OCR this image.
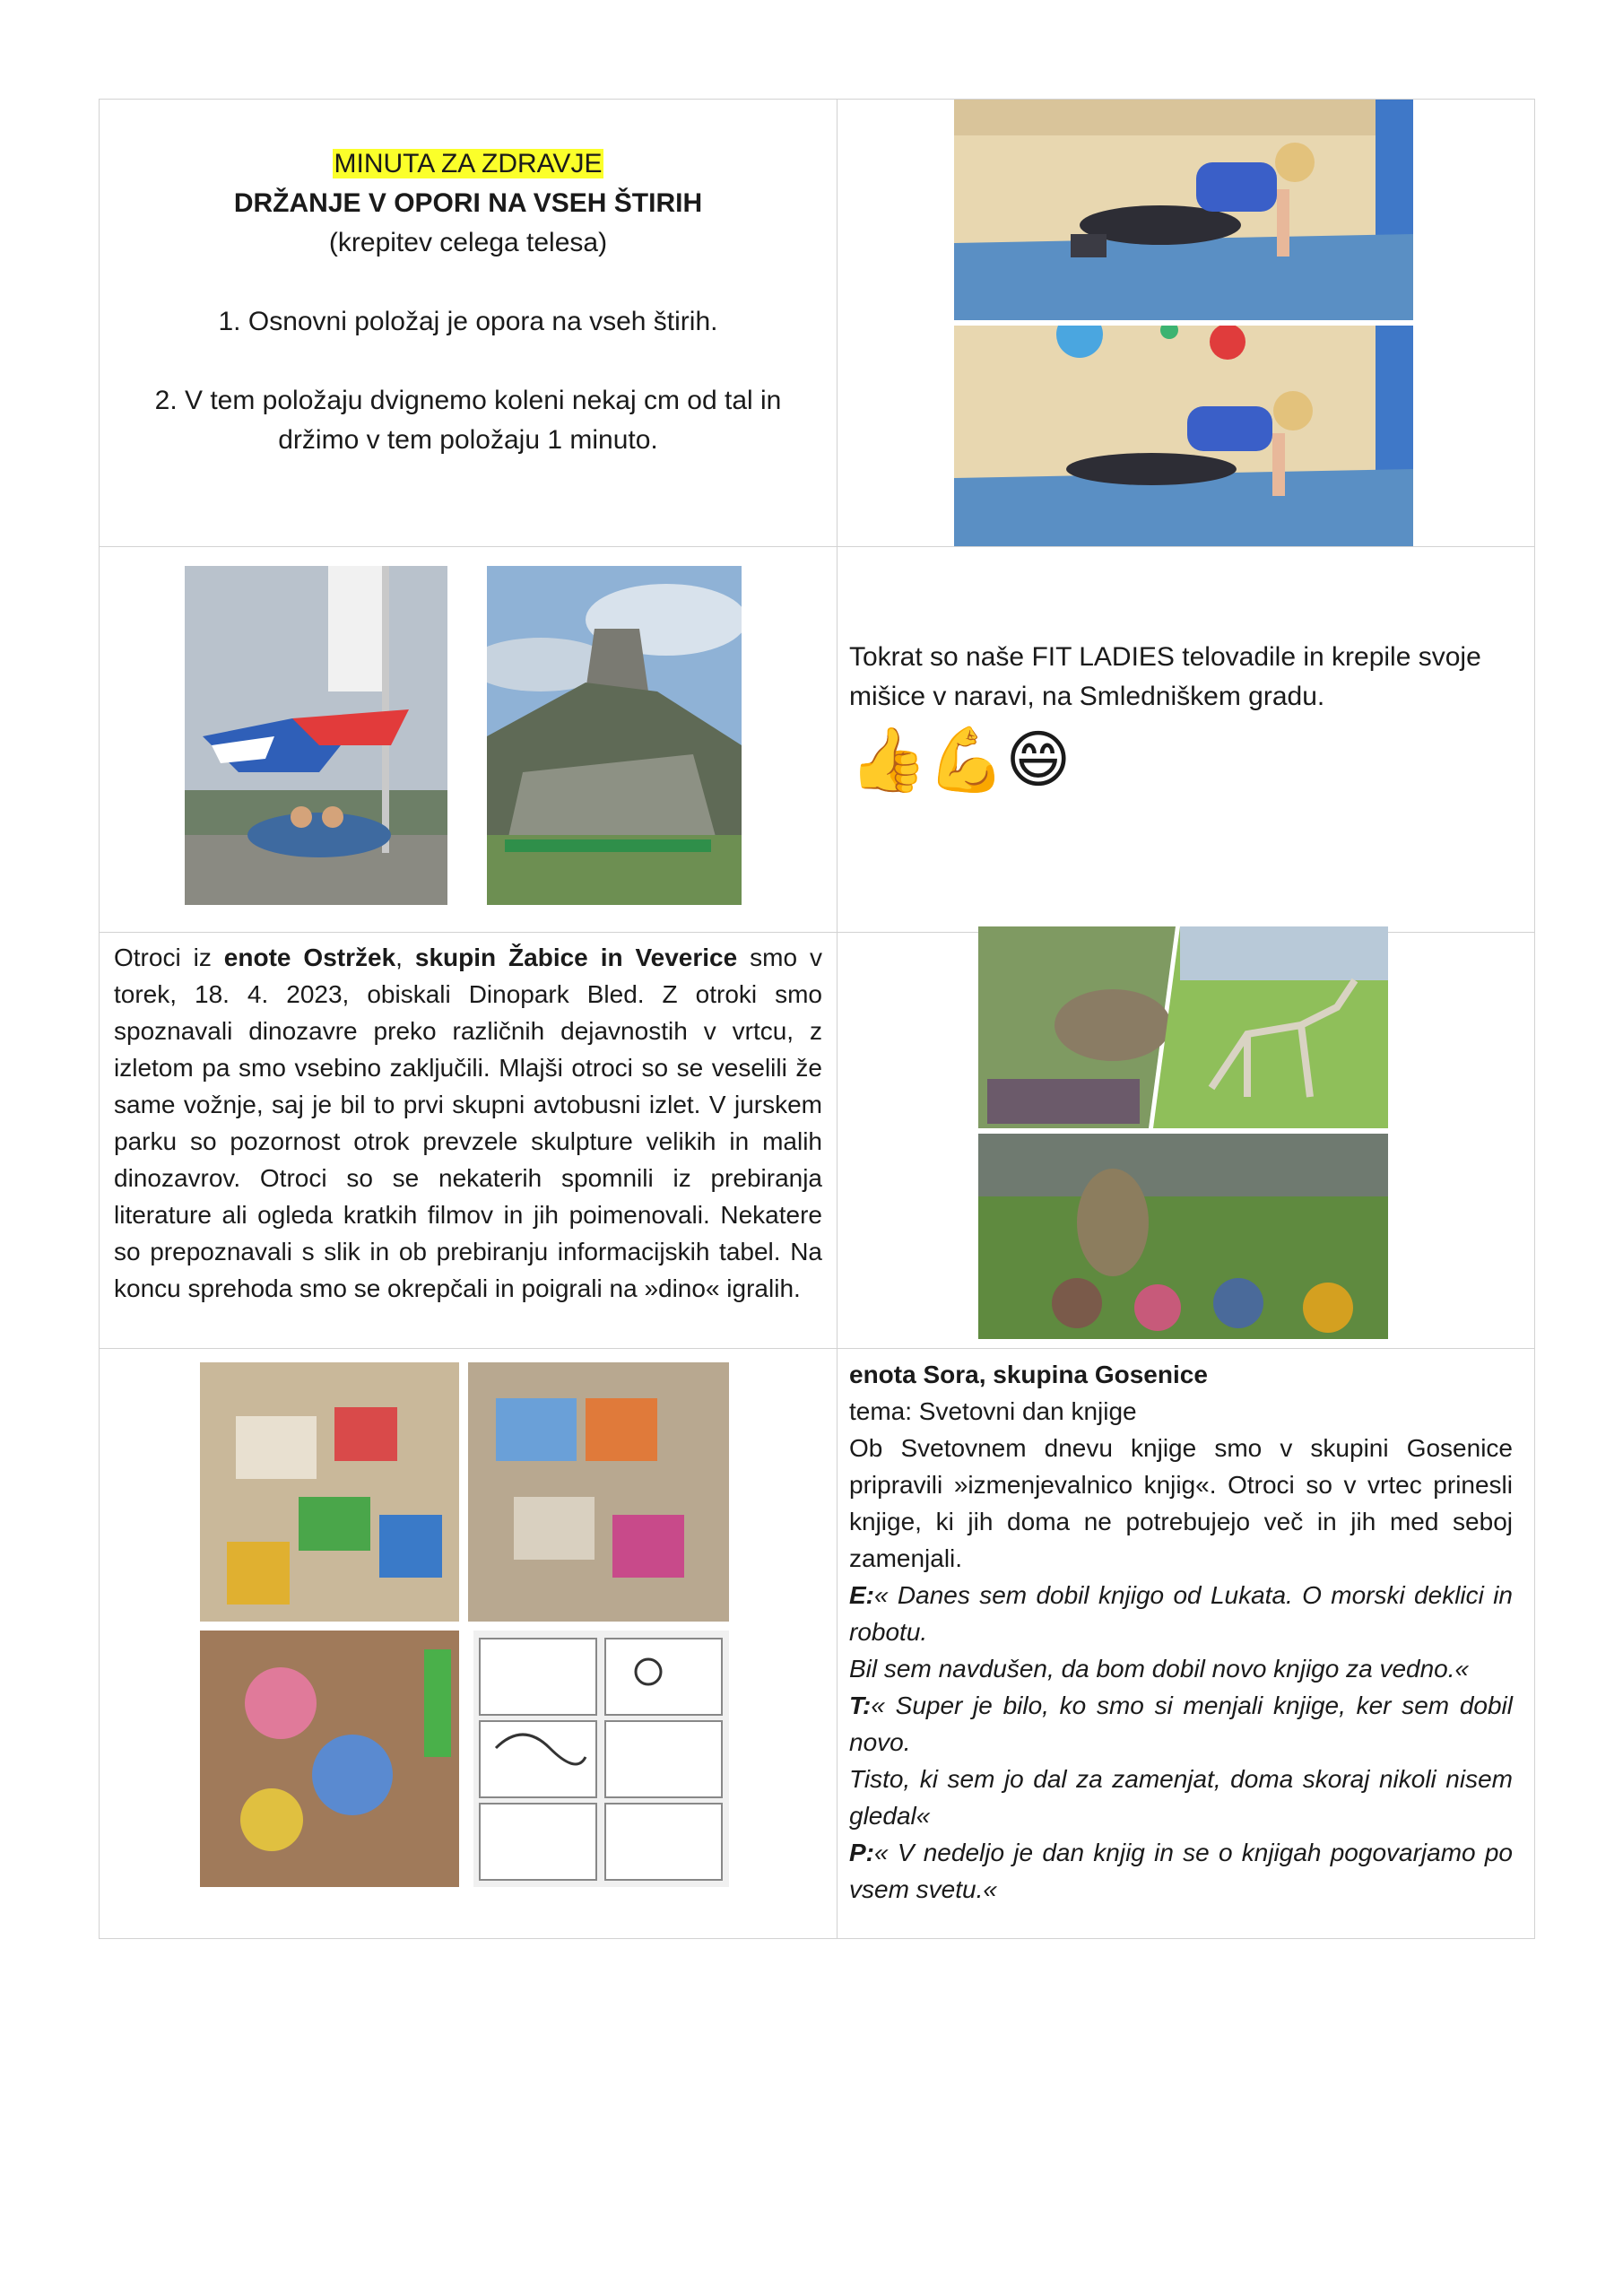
MINUTA ZA ZDRAVJE
DRŽANJE V OPORI NA VSEH ŠTIRIH
(krepitev celega telesa)
1. Osnovni položaj je opora na vseh štirih.
2. V tem položaju dvignemo koleni nekaj cm od tal in držimo v tem položaju 1 minuto.
Tokrat so naše FIT LADIES telovadile in krepile svoje mišice v naravi, na Smledniškem gradu.
👍💪😄
Otroci iz enote Ostržek, skupin Žabice in Veverice smo v torek, 18. 4. 2023, obiskali Dinopark Bled. Z otroki smo spoznavali dinozavre preko različnih dejavnostih v vrtcu, z izletom pa smo vsebino zaključili. Mlajši otroci so se veselili že same vožnje, saj je bil to prvi skupni avtobusni izlet. V jurskem parku so pozornost otrok prevzele skulpture velikih in malih dinozavrov. Otroci so se nekaterih spomnili iz prebiranja literature ali ogleda kratkih filmov in jih poimenovali. Nekatere so prepoznavali s slik in ob prebiranju informacijskih tabel. Na koncu sprehoda smo se okrepčali in poigrali na »dino« igralih.
enota Sora, skupina Gosenice
tema: Svetovni dan knjige
Ob Svetovnem dnevu knjige smo v skupini Gosenice pripravili »izmenjevalnico knjig«. Otroci so v vrtec prinesli knjige, ki jih doma ne potrebujejo več in jih med seboj zamenjali.
E:« Danes sem dobil knjigo od Lukata. O morski deklici in robotu.
Bil sem navdušen, da bom dobil novo knjigo za vedno.«
T:« Super je bilo, ko smo si menjali knjige, ker sem dobil novo.
Tisto, ki sem jo dal za zamenjat, doma skoraj nikoli nisem gledal«
P:« V nedeljo je dan knjig in se o knjigah pogovarjamo po vsem svetu.«
